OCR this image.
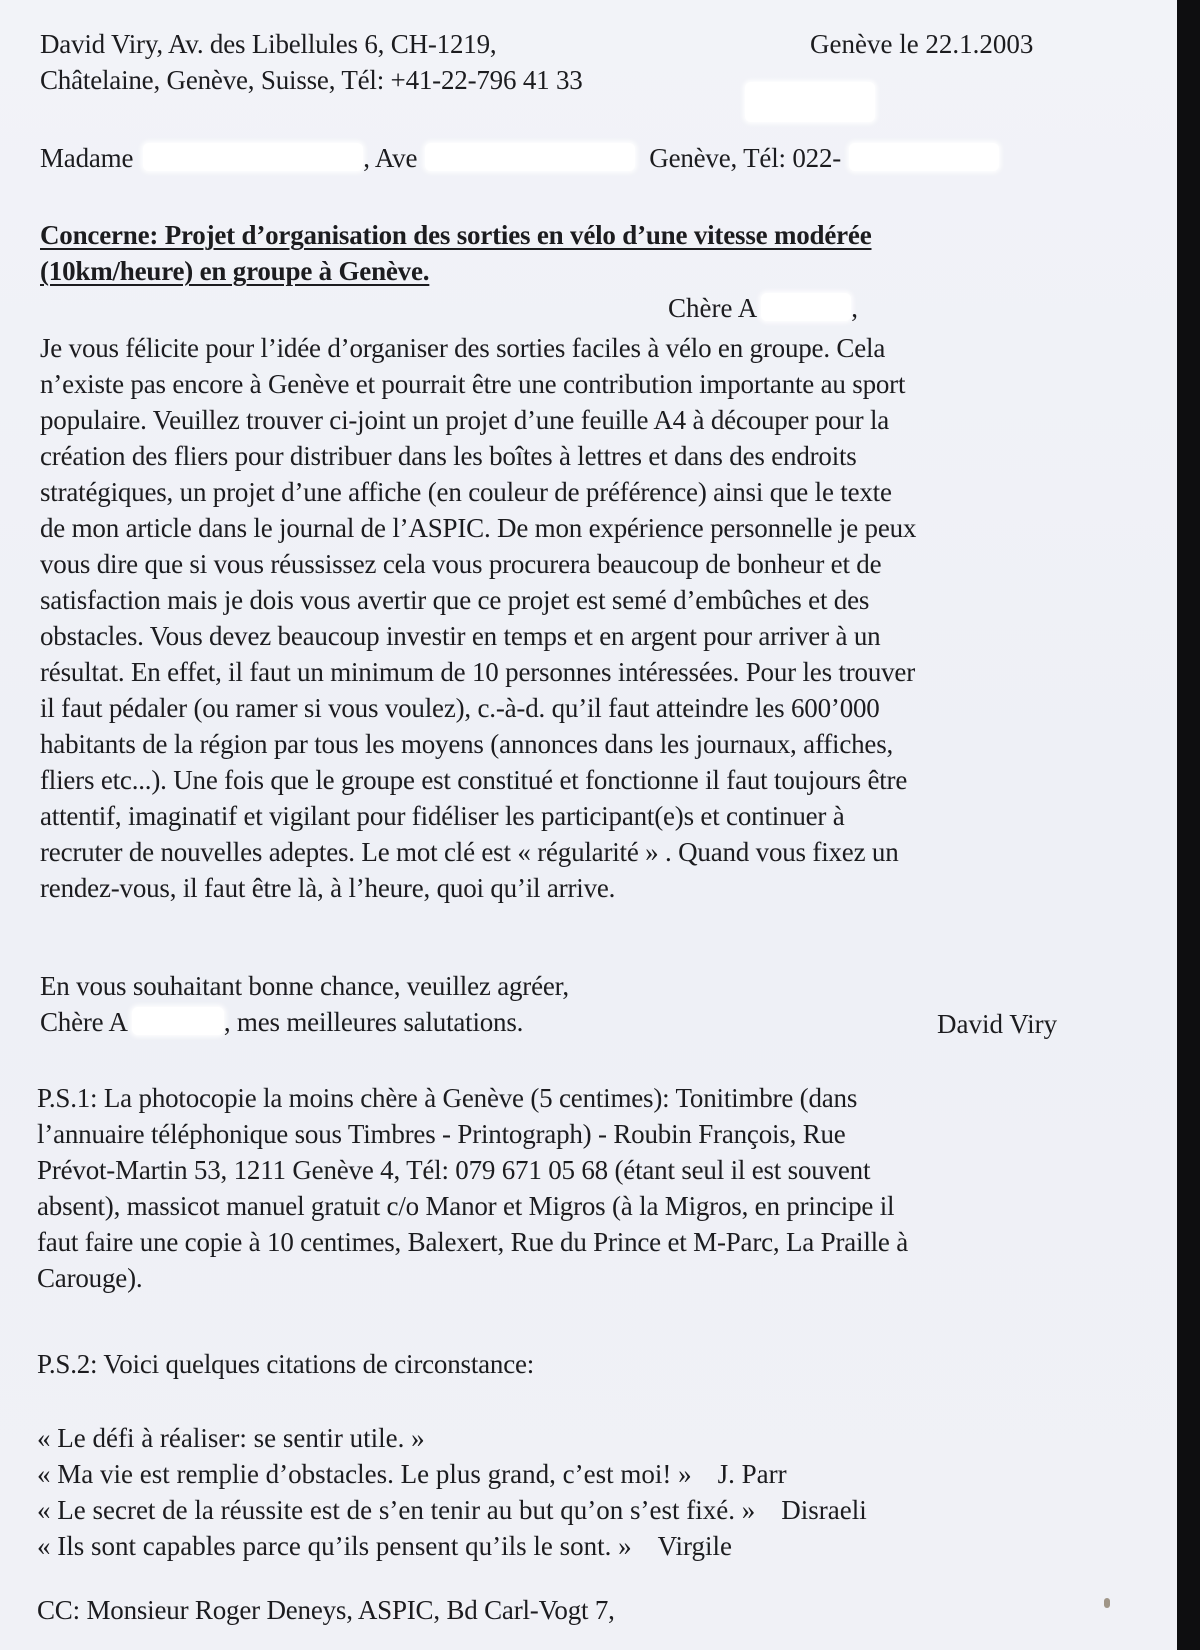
David Viry, Av. des Libellules 6, CH-1219,	Genève le 22.1.2003
Châtelaine, Genève, Suisse, Tél: +41-22-796 41 33
Madame	, Ave	Genève, Tél: 022-
Concerne: Projet d’organisation des sorties en vélo d’une vitesse modérée
(10km/heure) en groupe à Genève.
Chère A	,
Je vous félicite pour l’idée d’organiser des sorties faciles à vélo en groupe. Cela
n’existe pas encore à Genève et pourrait être une contribution importante au sport
populaire. Veuillez trouver ci-joint un projet d’une feuille A4 à découper pour la
création des fliers pour distribuer dans les boîtes à lettres et dans des endroits
stratégiques, un projet d’une affiche (en couleur de préférence) ainsi que le texte
de mon article dans le journal de l’ASPIC. De mon expérience personnelle je peux
vous dire que si vous réussissez cela vous procurera beaucoup de bonheur et de
satisfaction mais je dois vous avertir que ce projet est semé d’embûches et des
obstacles. Vous devez beaucoup investir en temps et en argent pour arriver à un
résultat. En effet, il faut un minimum de 10 personnes intéressées. Pour les trouver
il faut pédaler (ou ramer si vous voulez), c.-à-d. qu’il faut atteindre les 600’000
habitants de la région par tous les moyens (annonces dans les journaux, affiches,
fliers etc...). Une fois que le groupe est constitué et fonctionne il faut toujours être
attentif, imaginatif et vigilant pour fidéliser les participant(e)s et continuer à
recruter de nouvelles adeptes. Le mot clé est « régularité » . Quand vous fixez un
rendez-vous, il faut être là, à l’heure, quoi qu’il arrive.
En vous souhaitant bonne chance, veuillez agréer,
Chère A	, mes meilleures salutations.	David Viry
P.S.1: La photocopie la moins chère à Genève (5 centimes): Tonitimbre (dans
l’annuaire téléphonique sous Timbres - Printograph) - Roubin François, Rue
Prévot-Martin 53, 1211 Genève 4, Tél: 079 671 05 68 (étant seul il est souvent
absent), massicot manuel gratuit c/o Manor et Migros (à la Migros, en principe il
faut faire une copie à 10 centimes, Balexert, Rue du Prince et M-Parc, La Praille à
Carouge).
P.S.2: Voici quelques citations de circonstance:
« Le défi à réaliser: se sentir utile. »
« Ma vie est remplie d’obstacles. Le plus grand, c’est moi! » J. Parr
« Le secret de la réussite est de s’en tenir au but qu’on s’est fixé. » Disraeli
« Ils sont capables parce qu’ils pensent qu’ils le sont. » Virgile
CC: Monsieur Roger Deneys, ASPIC, Bd Carl-Vogt 7,
